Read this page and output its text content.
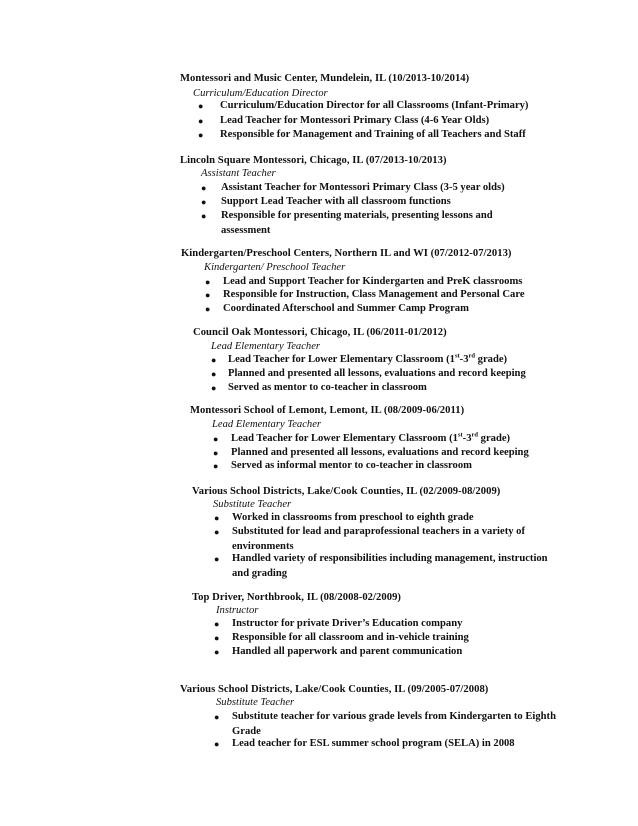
Montessori and Music Center, Mundelein, IL (10/2013-10/2014)
Curriculum/Education Director
● Curriculum/Education Director for all Classrooms (Infant-Primary)
● Lead Teacher for Montessori Primary Class (4-6 Year Olds)
● Responsible for Management and Training of all Teachers and Staff
Lincoln Square Montessori, Chicago, IL (07/2013-10/2013)
Assistant Teacher
● Assistant Teacher for Montessori Primary Class (3-5 year olds)
● Support Lead Teacher with all classroom functions
● Responsible for presenting materials, presenting lessons and assessment
Kindergarten/Preschool Centers, Northern IL and WI (07/2012-07/2013)
Kindergarten/ Preschool Teacher
● Lead and Support Teacher for Kindergarten and PreK classrooms
● Responsible for Instruction, Class Management and Personal Care
● Coordinated Afterschool and Summer Camp Program
Council Oak Montessori, Chicago, IL (06/2011-01/2012)
Lead Elementary Teacher
● Lead Teacher for Lower Elementary Classroom (1st-3rd grade)
● Planned and presented all lessons, evaluations and record keeping
● Served as mentor to co-teacher in classroom
Montessori School of Lemont, Lemont, IL (08/2009-06/2011)
Lead Elementary Teacher
● Lead Teacher for Lower Elementary Classroom (1st-3rd grade)
● Planned and presented all lessons, evaluations and record keeping
● Served as informal mentor to co-teacher in classroom
Various School Districts, Lake/Cook Counties, IL (02/2009-08/2009)
Substitute Teacher
● Worked in classrooms from preschool to eighth grade
● Substituted for lead and paraprofessional teachers in a variety of environments
● Handled variety of responsibilities including management, instruction and grading
Top Driver, Northbrook, IL (08/2008-02/2009)
Instructor
● Instructor for private Driver’s Education company
● Responsible for all classroom and in-vehicle training
● Handled all paperwork and parent communication
Various School Districts, Lake/Cook Counties, IL (09/2005-07/2008)
Substitute Teacher
● Substitute teacher for various grade levels from Kindergarten to Eighth Grade
● Lead teacher for ESL summer school program (SELA) in 2008
